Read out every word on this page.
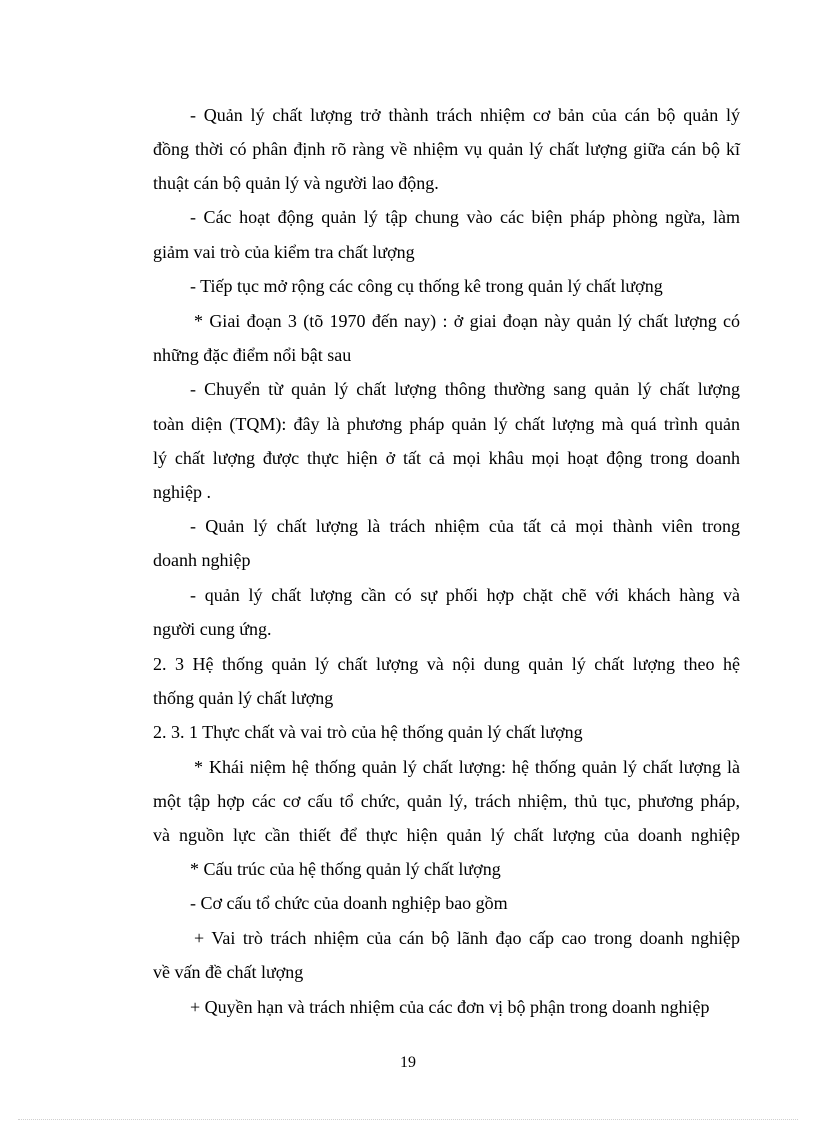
- Quản lý chất lượng trở thành trách nhiệm cơ bản của cán bộ quản lý
đồng thời có phân định rõ ràng về nhiệm vụ quản lý chất lượng giữa cán bộ kĩ
thuật cán bộ quản lý và người lao động.
- Các hoạt động quản lý tập chung vào các biện pháp phòng ngừa, làm
giảm vai trò của kiểm tra chất lượng
- Tiếp tục mở rộng các công cụ thống kê trong quản lý chất lượng
* Giai đoạn 3 (tõ 1970 đến nay) : ở giai đoạn này quản lý chất lượng có
những đặc điểm nổi bật sau
- Chuyển từ quản lý chất lượng thông thường sang quản lý chất lượng
toàn diện (TQM): đây là phương pháp quản lý chất lượng mà quá trình quản
lý chất lượng được thực hiện ở tất cả mọi khâu mọi hoạt động trong doanh
nghiệp .
- Quản lý chất lượng là trách nhiệm của tất cả mọi thành viên trong
doanh nghiệp
- quản lý chất lượng cần có sự phối hợp chặt chẽ với khách hàng và
người cung ứng.
2. 3 Hệ thống quản lý chất lượng và nội dung quản lý chất lượng theo hệ
thống quản lý chất lượng
2. 3. 1 Thực chất và vai trò của hệ thống quản lý chất lượng
* Khái niệm hệ thống quản lý chất lượng: hệ thống quản lý chất lượng là
một tập hợp các cơ cấu tổ chức, quản lý, trách nhiệm, thủ tục, phương pháp,
và nguồn lực cần thiết để thực hiện quản lý chất lượng của doanh nghiệp
* Cấu trúc của hệ thống quản lý chất lượng
- Cơ cấu tổ chức của doanh nghiệp bao gồm
+ Vai trò trách nhiệm của cán bộ lãnh đạo cấp cao trong doanh nghiệp
về vấn đề chất lượng
+ Quyền hạn và trách nhiệm của các đơn vị bộ phận trong doanh nghiệp
19
